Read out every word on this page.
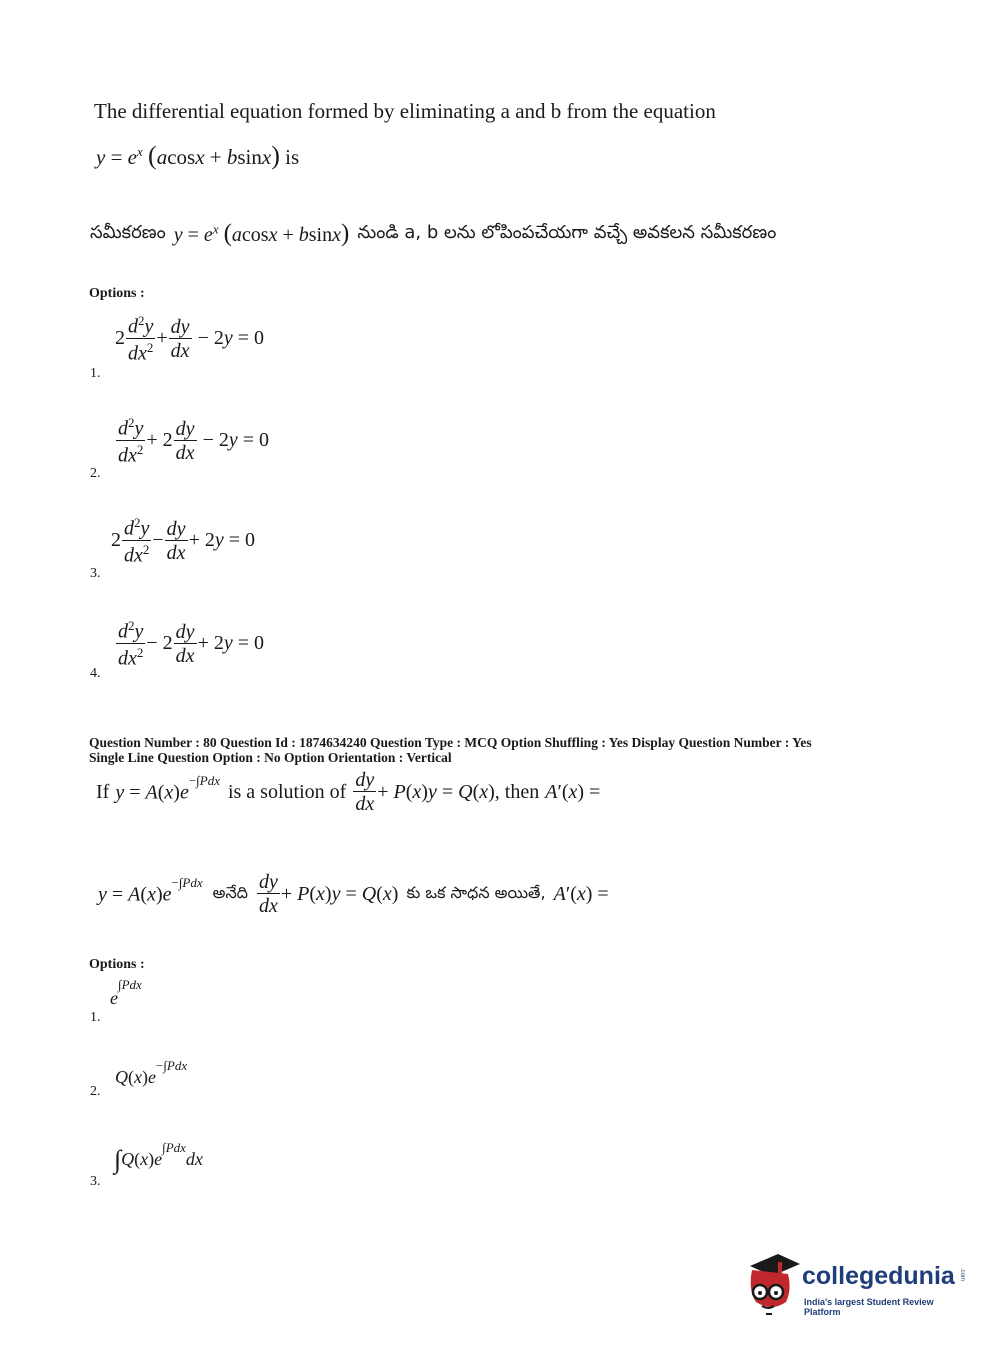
The differential equation formed by eliminating a and b from the equation
$y = e^x$ (acosx + bsinx) is
సమీకరణం $y = e^x$ (acosx + bsinx) నుండి a, b లను లోపింపచేయగా వచ్చే అవకలన సమీకరణం
Options :
$2 \frac{d^2y}{dx^2} + \frac{dy}{dx} - 2y = 0$
1.
$\frac{d^2y}{dx^2} + 2 \frac{dy}{dx} - 2y = 0$
2.
$2 \frac{d^2y}{dx^2} - \frac{dy}{dx} + 2y = 0$
3.
$\frac{d^2y}{dx^2} - 2 \frac{dy}{dx} + 2y = 0$
4.
Question Number : 80 Question Id : 1874634240 Question Type : MCQ Option Shuffling : Yes Display Question Number : Yes
Single Line Question Option : No Option Orientation : Vertical
If $y = A(x)e^{-\int Pdx}$ is a solution of $\frac{dy}{dx} + P(x)y = Q(x)$ , then A′(x) =
$y = A(x)e^{-\int Pdx}$ అనేది $\frac{dy}{dx} + P(x)y = Q(x)$ కు ఒక సాధన అయితే, A′(x) =
Options :
$e^{\int Pdx}$
1.
$Q(x)e^{-\int Pdx}$
2.
$\int Q(x)e^{\int Pdx}dx$
3.
collegedunia .com
India's largest Student Review Platform
